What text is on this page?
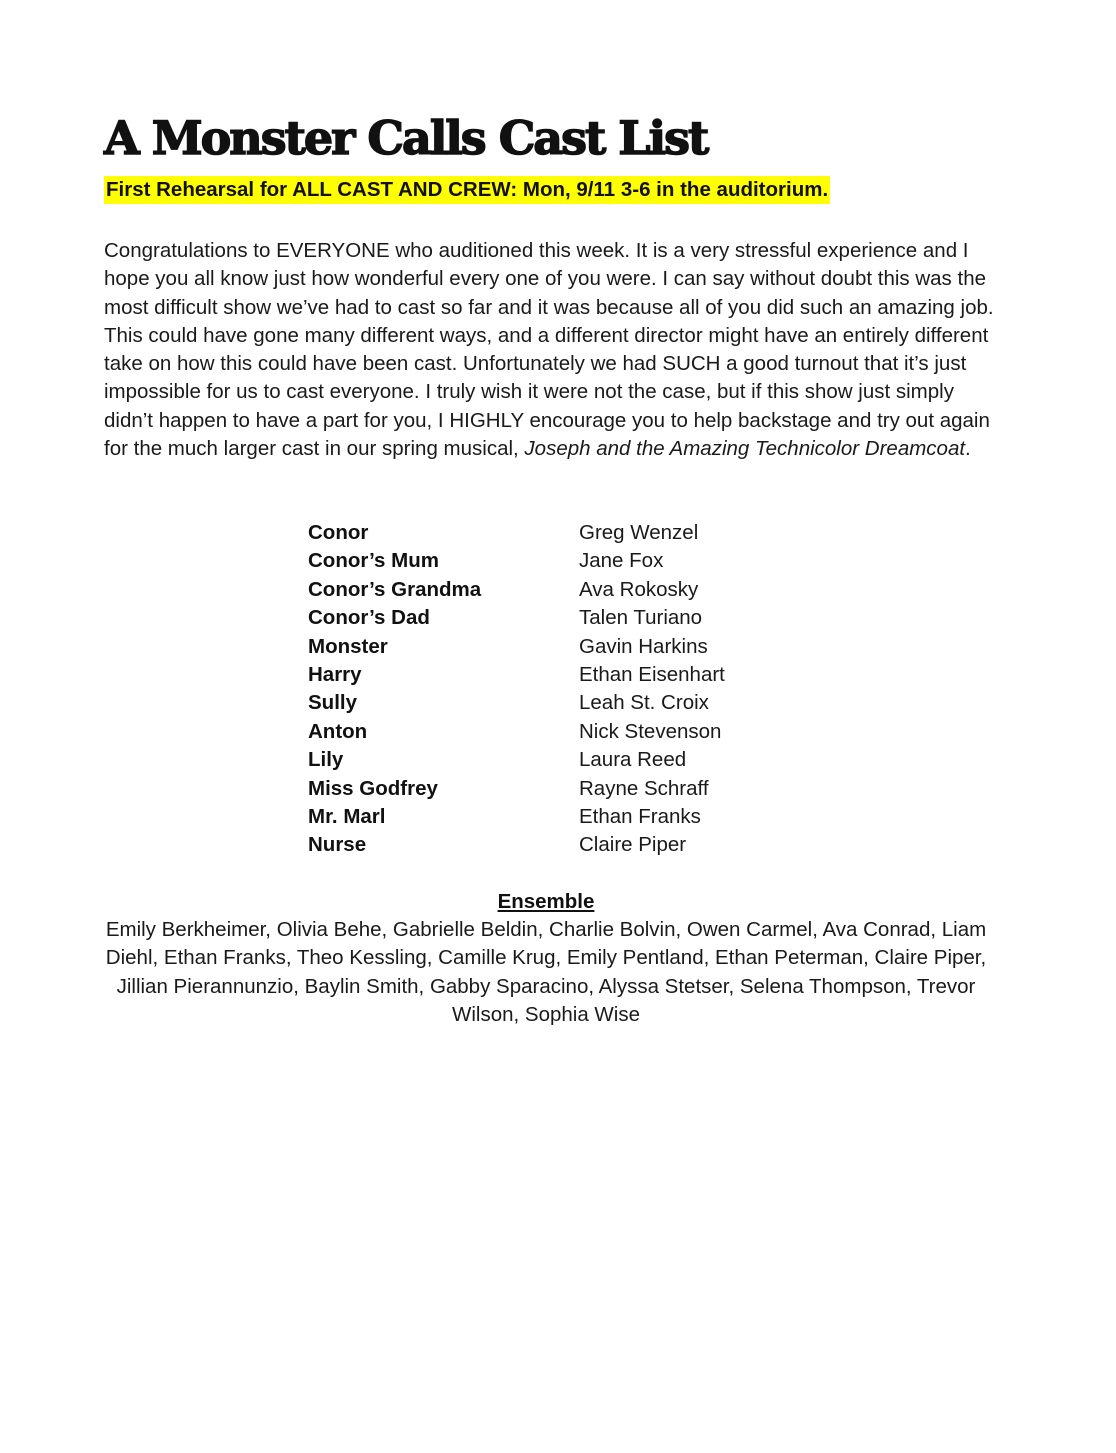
A Monster Calls Cast List
First Rehearsal for ALL CAST AND CREW: Mon, 9/11 3-6 in the auditorium.

Congratulations to EVERYONE who auditioned this week. It is a very stressful experience and I hope you all know just how wonderful every one of you were. I can say without doubt this was the most difficult show we’ve had to cast so far and it was because all of you did such an amazing job. This could have gone many different ways, and a different director might have an entirely different take on how this could have been cast. Unfortunately we had SUCH a good turnout that it’s just impossible for us to cast everyone. I truly wish it were not the case, but if this show just simply didn’t happen to have a part for you, I HIGHLY encourage you to help backstage and try out again for the much larger cast in our spring musical, Joseph and the Amazing Technicolor Dreamcoat.

Conor	Greg Wenzel
Conor’s Mum	Jane Fox
Conor’s Grandma	Ava Rokosky
Conor’s Dad	Talen Turiano
Monster	Gavin Harkins
Harry	Ethan Eisenhart
Sully	Leah St. Croix
Anton	Nick Stevenson
Lily	Laura Reed
Miss Godfrey	Rayne Schraff
Mr. Marl	Ethan Franks
Nurse	Claire Piper
Ensemble

Emily Berkheimer, Olivia Behe, Gabrielle Beldin, Charlie Bolvin, Owen Carmel, Ava Conrad, Liam Diehl, Ethan Franks, Theo Kessling, Camille Krug, Emily Pentland, Ethan Peterman, Claire Piper, Jillian Pierannunzio, Baylin Smith, Gabby Sparacino, Alyssa Stetser, Selena Thompson, Trevor Wilson, Sophia Wise
